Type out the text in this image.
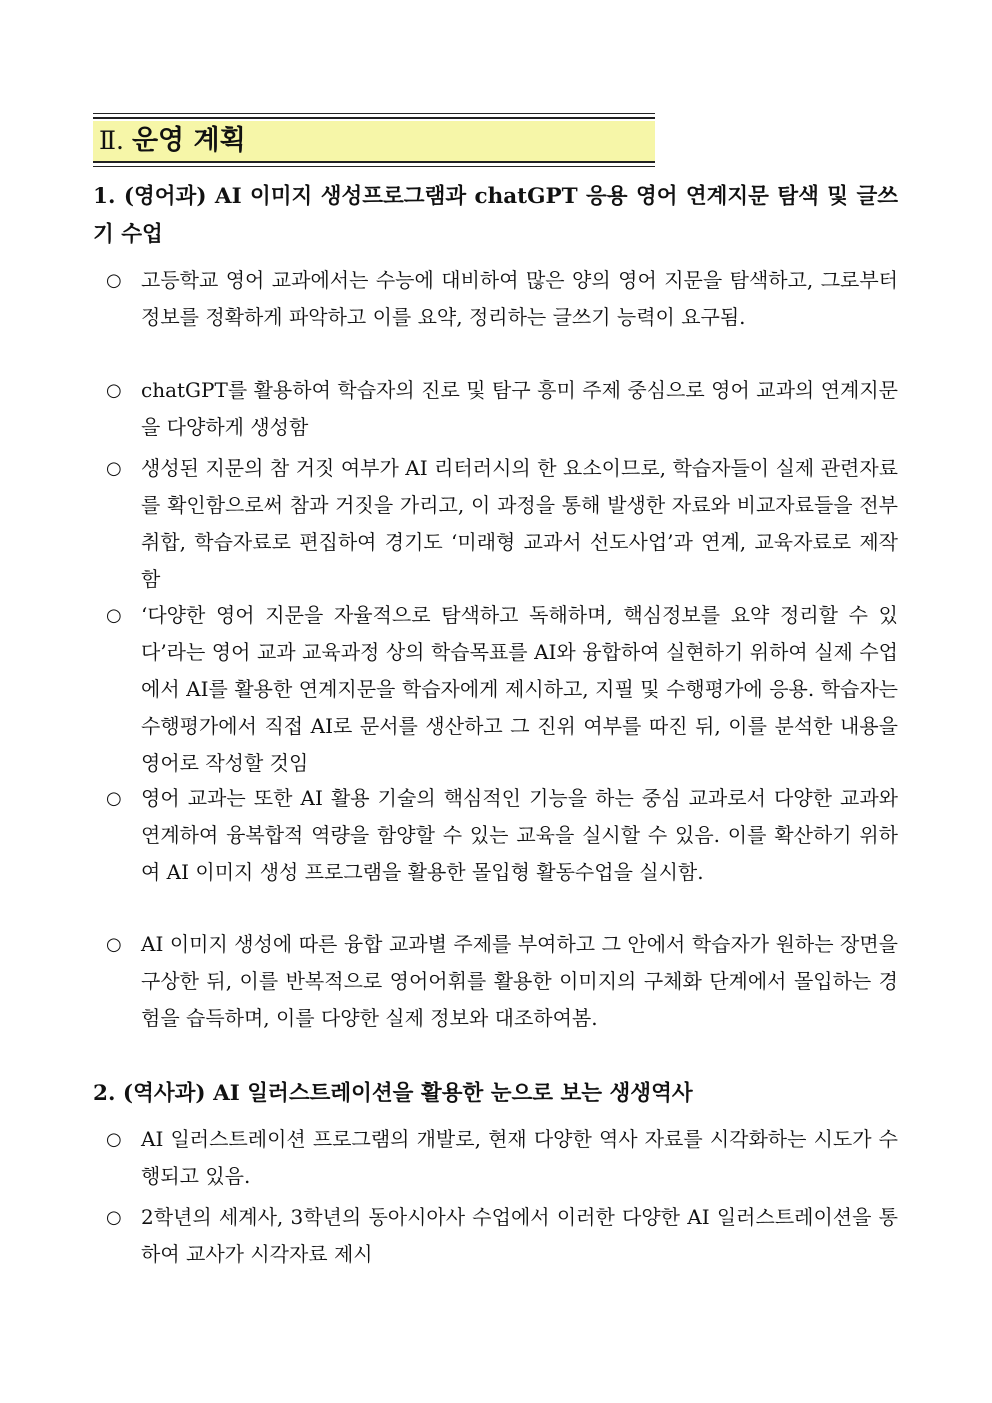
Ⅱ. 운영 계획
1. (영어과) AI 이미지 생성프로그램과 chatGPT 응용 영어 연계지문 탐색 및 글쓰기 수업
○ 고등학교 영어 교과에서는 수능에 대비하여 많은 양의 영어 지문을 탐색하고, 그로부터 정보를 정확하게 파악하고 이를 요약, 정리하는 글쓰기 능력이 요구됨.
○ chatGPT를 활용하여 학습자의 진로 및 탐구 흥미 주제 중심으로 영어 교과의 연계지문을 다양하게 생성함
○ 생성된 지문의 참 거짓 여부가 AI 리터러시의 한 요소이므로, 학습자들이 실제 관련자료를 확인함으로써 참과 거짓을 가리고, 이 과정을 통해 발생한 자료와 비교자료들을 전부 취합, 학습자료로 편집하여 경기도 ‘미래형 교과서 선도사업’과 연계, 교육자료로 제작함
○ ‘다양한 영어 지문을 자율적으로 탐색하고 독해하며, 핵심정보를 요약 정리할 수 있다’라는 영어 교과 교육과정 상의 학습목표를 AI와 융합하여 실현하기 위하여 실제 수업에서 AI를 활용한 연계지문을 학습자에게 제시하고, 지필 및 수행평가에 응용. 학습자는 수행평가에서 직접 AI로 문서를 생산하고 그 진위 여부를 따진 뒤, 이를 분석한 내용을 영어로 작성할 것임
○ 영어 교과는 또한 AI 활용 기술의 핵심적인 기능을 하는 중심 교과로서 다양한 교과와 연계하여 융복합적 역량을 함양할 수 있는 교육을 실시할 수 있음. 이를 확산하기 위하여 AI 이미지 생성 프로그램을 활용한 몰입형 활동수업을 실시함.
○ AI 이미지 생성에 따른 융합 교과별 주제를 부여하고 그 안에서 학습자가 원하는 장면을 구상한 뒤, 이를 반복적으로 영어어휘를 활용한 이미지의 구체화 단계에서 몰입하는 경험을 습득하며, 이를 다양한 실제 정보와 대조하여봄.
2. (역사과) AI 일러스트레이션을 활용한 눈으로 보는 생생역사
○ AI 일러스트레이션 프로그램의 개발로, 현재 다양한 역사 자료를 시각화하는 시도가 수행되고 있음.
○ 2학년의 세계사, 3학년의 동아시아사 수업에서 이러한 다양한 AI 일러스트레이션을 통하여 교사가 시각자료 제시
